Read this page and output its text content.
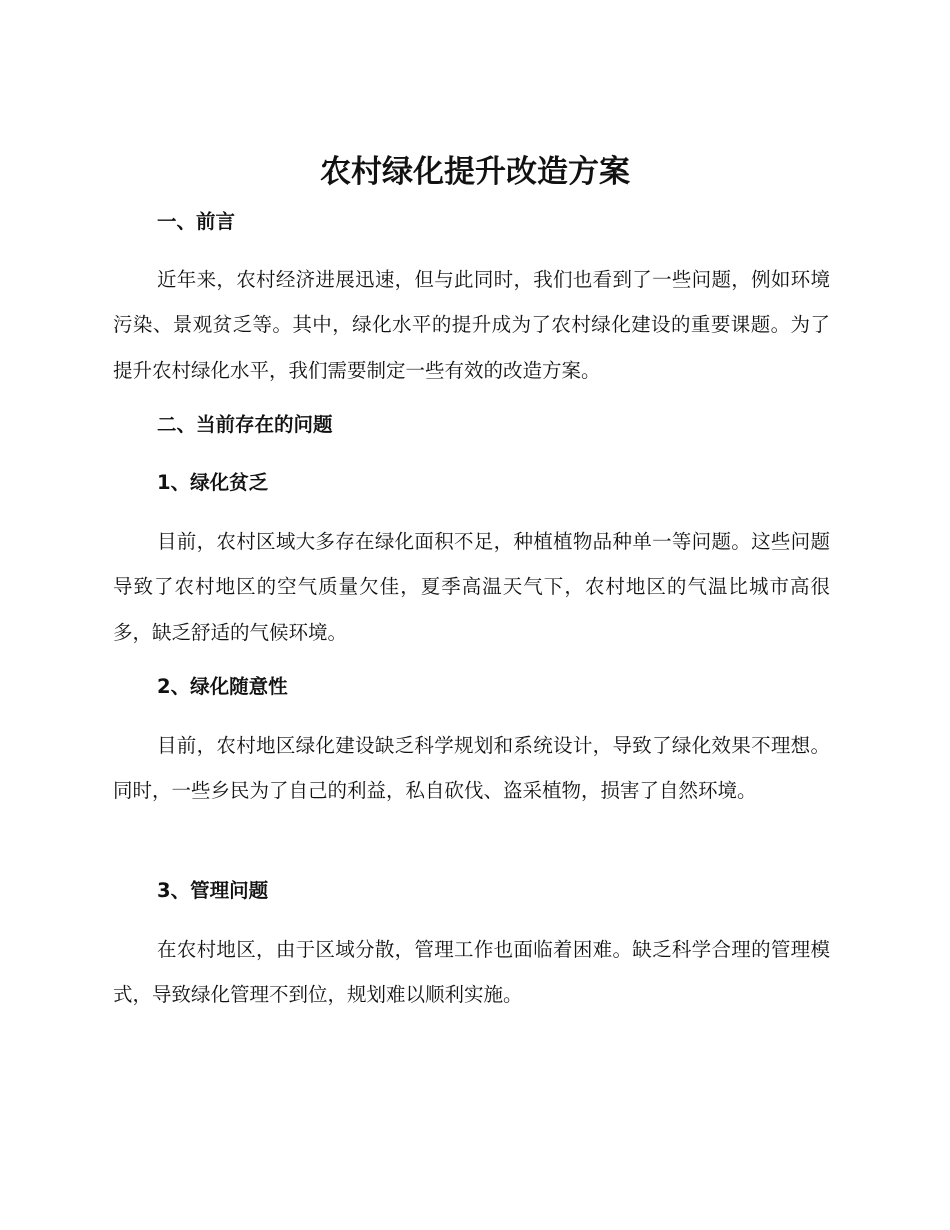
农村绿化提升改造方案
一、前言
近年来，农村经济进展迅速，但与此同时，我们也看到了一些问题，例如环境污染、景观贫乏等。其中，绿化水平的提升成为了农村绿化建设的重要课题。为了提升农村绿化水平，我们需要制定一些有效的改造方案。
二、当前存在的问题
1、绿化贫乏
目前，农村区域大多存在绿化面积不足，种植植物品种单一等问题。这些问题导致了农村地区的空气质量欠佳，夏季高温天气下，农村地区的气温比城市高很多，缺乏舒适的气候环境。
2、绿化随意性
目前，农村地区绿化建设缺乏科学规划和系统设计，导致了绿化效果不理想。同时，一些乡民为了自己的利益，私自砍伐、盗采植物，损害了自然环境。
3、管理问题
在农村地区，由于区域分散，管理工作也面临着困难。缺乏科学合理的管理模式，导致绿化管理不到位，规划难以顺利实施。
